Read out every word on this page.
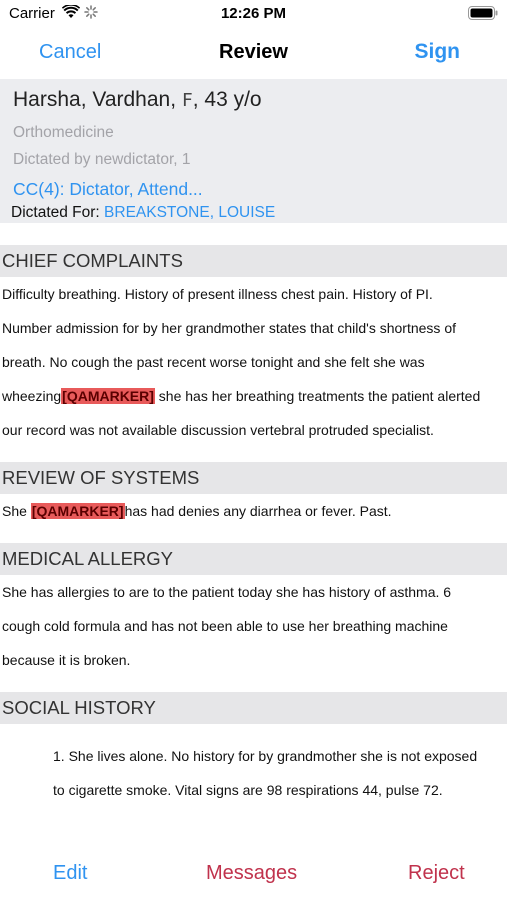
Carrier	12:26 PM
Cancel	Review	Sign
Harsha, Vardhan, F, 43 y/o
Orthomedicine
Dictated by newdictator, 1
CC(4): Dictator, Attend...
Dictated For: BREAKSTONE, LOUISE
CHIEF COMPLAINTS
Difficulty breathing. History of present illness chest pain. History of PI.
Number admission for by her grandmother states that child's shortness of
breath. No cough the past recent worse tonight and she felt she was
wheezing[QAMARKER] she has her breathing treatments the patient alerted
our record was not available discussion vertebral protruded specialist.
REVIEW OF SYSTEMS
She [QAMARKER]has had denies any diarrhea or fever. Past.
MEDICAL ALLERGY
She has allergies to are to the patient today she has history of asthma. 6
cough cold formula and has not been able to use her breathing machine
because it is broken.
SOCIAL HISTORY
1. She lives alone. No history for by grandmother she is not exposed
to cigarette smoke. Vital signs are 98 respirations 44, pulse 72.
Edit	Messages	Reject
